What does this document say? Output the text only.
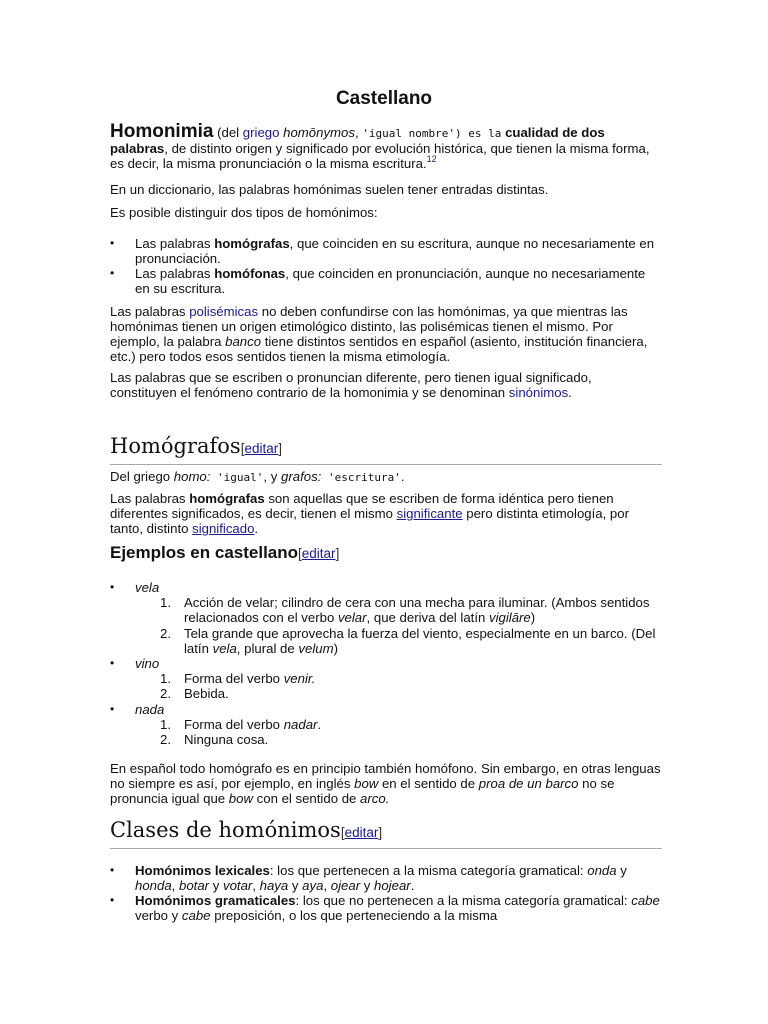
Castellano

Homonimia (del griego homōnymos, 'igual nombre') es la cualidad de dos palabras, de distinto origen y significado por evolución histórica, que tienen la misma forma, es decir, la misma pronunciación o la misma escritura.$^{12}$

En un diccionario, las palabras homónimas suelen tener entradas distintas.
Es posible distinguir dos tipos de homónimos:
• Las palabras homógrafas, que coinciden en su escritura, aunque no necesariamente en pronunciación.
• Las palabras homófonas, que coinciden en pronunciación, aunque no necesariamente en su escritura.
Las palabras polisémicas no deben confundirse con las homónimas, ya que mientras las homónimas tienen un origen etimológico distinto, las polisémicas tienen el mismo. Por ejemplo, la palabra banco tiene distintos sentidos en español (asiento, institución financiera, etc.) pero todos esos sentidos tienen la misma etimología.
Las palabras que se escriben o pronuncian diferente, pero tienen igual significado, constituyen el fenómeno contrario de la homonimia y se denominan sinónimos.
Homógrafos[editar]
Del griego homo: 'igual', y grafos: 'escritura'.
Las palabras homógrafas son aquellas que se escriben de forma idéntica pero tienen diferentes significados, es decir, tienen el mismo significante pero distinta etimología, por tanto, distinto significado.
Ejemplos en castellano[editar]
• vela
1. Acción de velar; cilindro de cera con una mecha para iluminar. (Ambos sentidos relacionados con el verbo velar, que deriva del latín vigilāre)
2. Tela grande que aprovecha la fuerza del viento, especialmente en un barco. (Del latín vela, plural de velum)
• vino
1. Forma del verbo venir.
2. Bebida.
• nada
1. Forma del verbo nadar.
2. Ninguna cosa.
En español todo homógrafo es en principio también homófono. Sin embargo, en otras lenguas no siempre es así, por ejemplo, en inglés bow en el sentido de proa de un barco no se pronuncia igual que bow con el sentido de arco.
Clases de homónimos[editar]
• Homónimos lexicales: los que pertenecen a la misma categoría gramatical: onda y honda, botar y votar, haya y aya, ojear y hojear.
• Homónimos gramaticales: los que no pertenecen a la misma categoría gramatical: cabe verbo y cabe preposición, o los que perteneciendo a la misma
